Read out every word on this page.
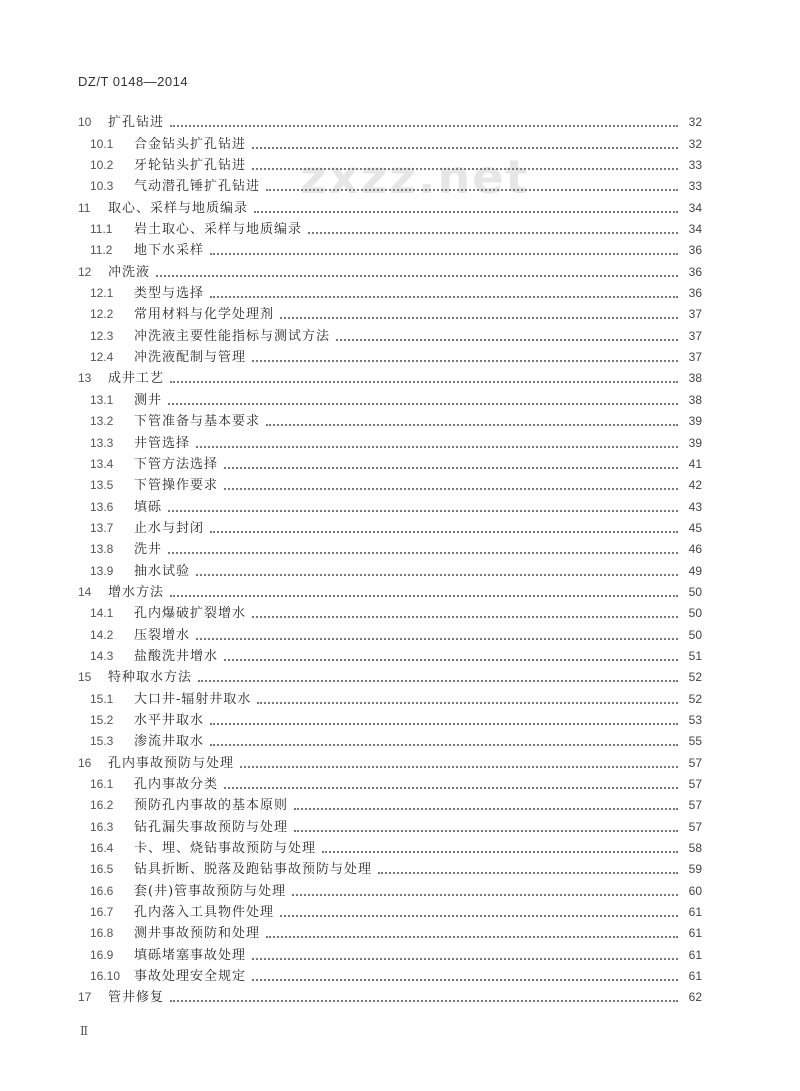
zxzz.net
DZ/T 0148—2014
10	扩孔钻进	32
10.1	合金钻头扩孔钻进	32
10.2	牙轮钻头扩孔钻进	33
10.3	气动潜孔锤扩孔钻进	33
11	取心、采样与地质编录	34
11.1	岩土取心、采样与地质编录	34
11.2	地下水采样	36
12	冲洗液	36
12.1	类型与选择	36
12.2	常用材料与化学处理剂	37
12.3	冲洗液主要性能指标与测试方法	37
12.4	冲洗液配制与管理	37
13	成井工艺	38
13.1	测井	38
13.2	下管准备与基本要求	39
13.3	井管选择	39
13.4	下管方法选择	41
13.5	下管操作要求	42
13.6	填砾	43
13.7	止水与封闭	45
13.8	洗井	46
13.9	抽水试验	49
14	增水方法	50
14.1	孔内爆破扩裂增水	50
14.2	压裂增水	50
14.3	盐酸洗井增水	51
15	特种取水方法	52
15.1	大口井-辐射井取水	52
15.2	水平井取水	53
15.3	渗流井取水	55
16	孔内事故预防与处理	57
16.1	孔内事故分类	57
16.2	预防孔内事故的基本原则	57
16.3	钻孔漏失事故预防与处理	57
16.4	卡、埋、烧钻事故预防与处理	58
16.5	钻具折断、脱落及跑钻事故预防与处理	59
16.6	套(井)管事故预防与处理	60
16.7	孔内落入工具物件处理	61
16.8	测井事故预防和处理	61
16.9	填砾堵塞事故处理	61
16.10	事故处理安全规定	61
17	管井修复	62
Ⅱ
